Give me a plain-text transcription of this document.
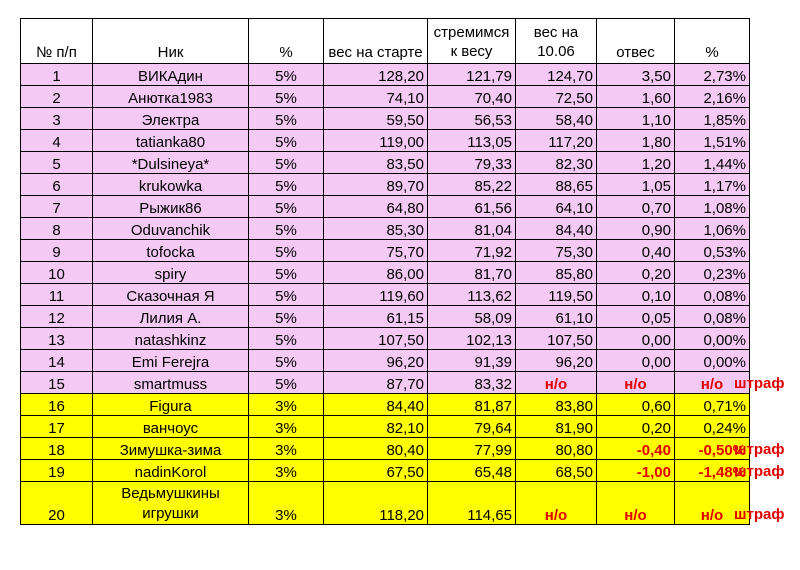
№ п/п	Ник	%	вес на старте	стремимся к весу	вес на 10.06	отвес	%
1	ВИКАдин	5%	128,20	121,79	124,70	3,50	2,73%
2	Анютка1983	5%	74,10	70,40	72,50	1,60	2,16%
3	Электра	5%	59,50	56,53	58,40	1,10	1,85%
4	tatianka80	5%	119,00	113,05	117,20	1,80	1,51%
5	*Dulsineya*	5%	83,50	79,33	82,30	1,20	1,44%
6	krukowka	5%	89,70	85,22	88,65	1,05	1,17%
7	Рыжик86	5%	64,80	61,56	64,10	0,70	1,08%
8	Oduvanchik	5%	85,30	81,04	84,40	0,90	1,06%
9	tofocka	5%	75,70	71,92	75,30	0,40	0,53%
10	spiry	5%	86,00	81,70	85,80	0,20	0,23%
11	Сказочная Я	5%	119,60	113,62	119,50	0,10	0,08%
12	Лилия А.	5%	61,15	58,09	61,10	0,05	0,08%
13	natashkinz	5%	107,50	102,13	107,50	0,00	0,00%
14	Emi Ferejra	5%	96,20	91,39	96,20	0,00	0,00%
15	smartmuss	5%	87,70	83,32	н/о	н/о	н/о
16	Figura	3%	84,40	81,87	83,80	0,60	0,71%
17	ванчоус	3%	82,10	79,64	81,90	0,20	0,24%
18	Зимушка-зима	3%	80,40	77,99	80,80	-0,40	-0,50%
19	nadinKorol	3%	67,50	65,48	68,50	-1,00	-1,48%
20	Ведьмушкины игрушки	3%	118,20	114,65	н/о	н/о	н/о
штраф
штраф
штраф
штраф
